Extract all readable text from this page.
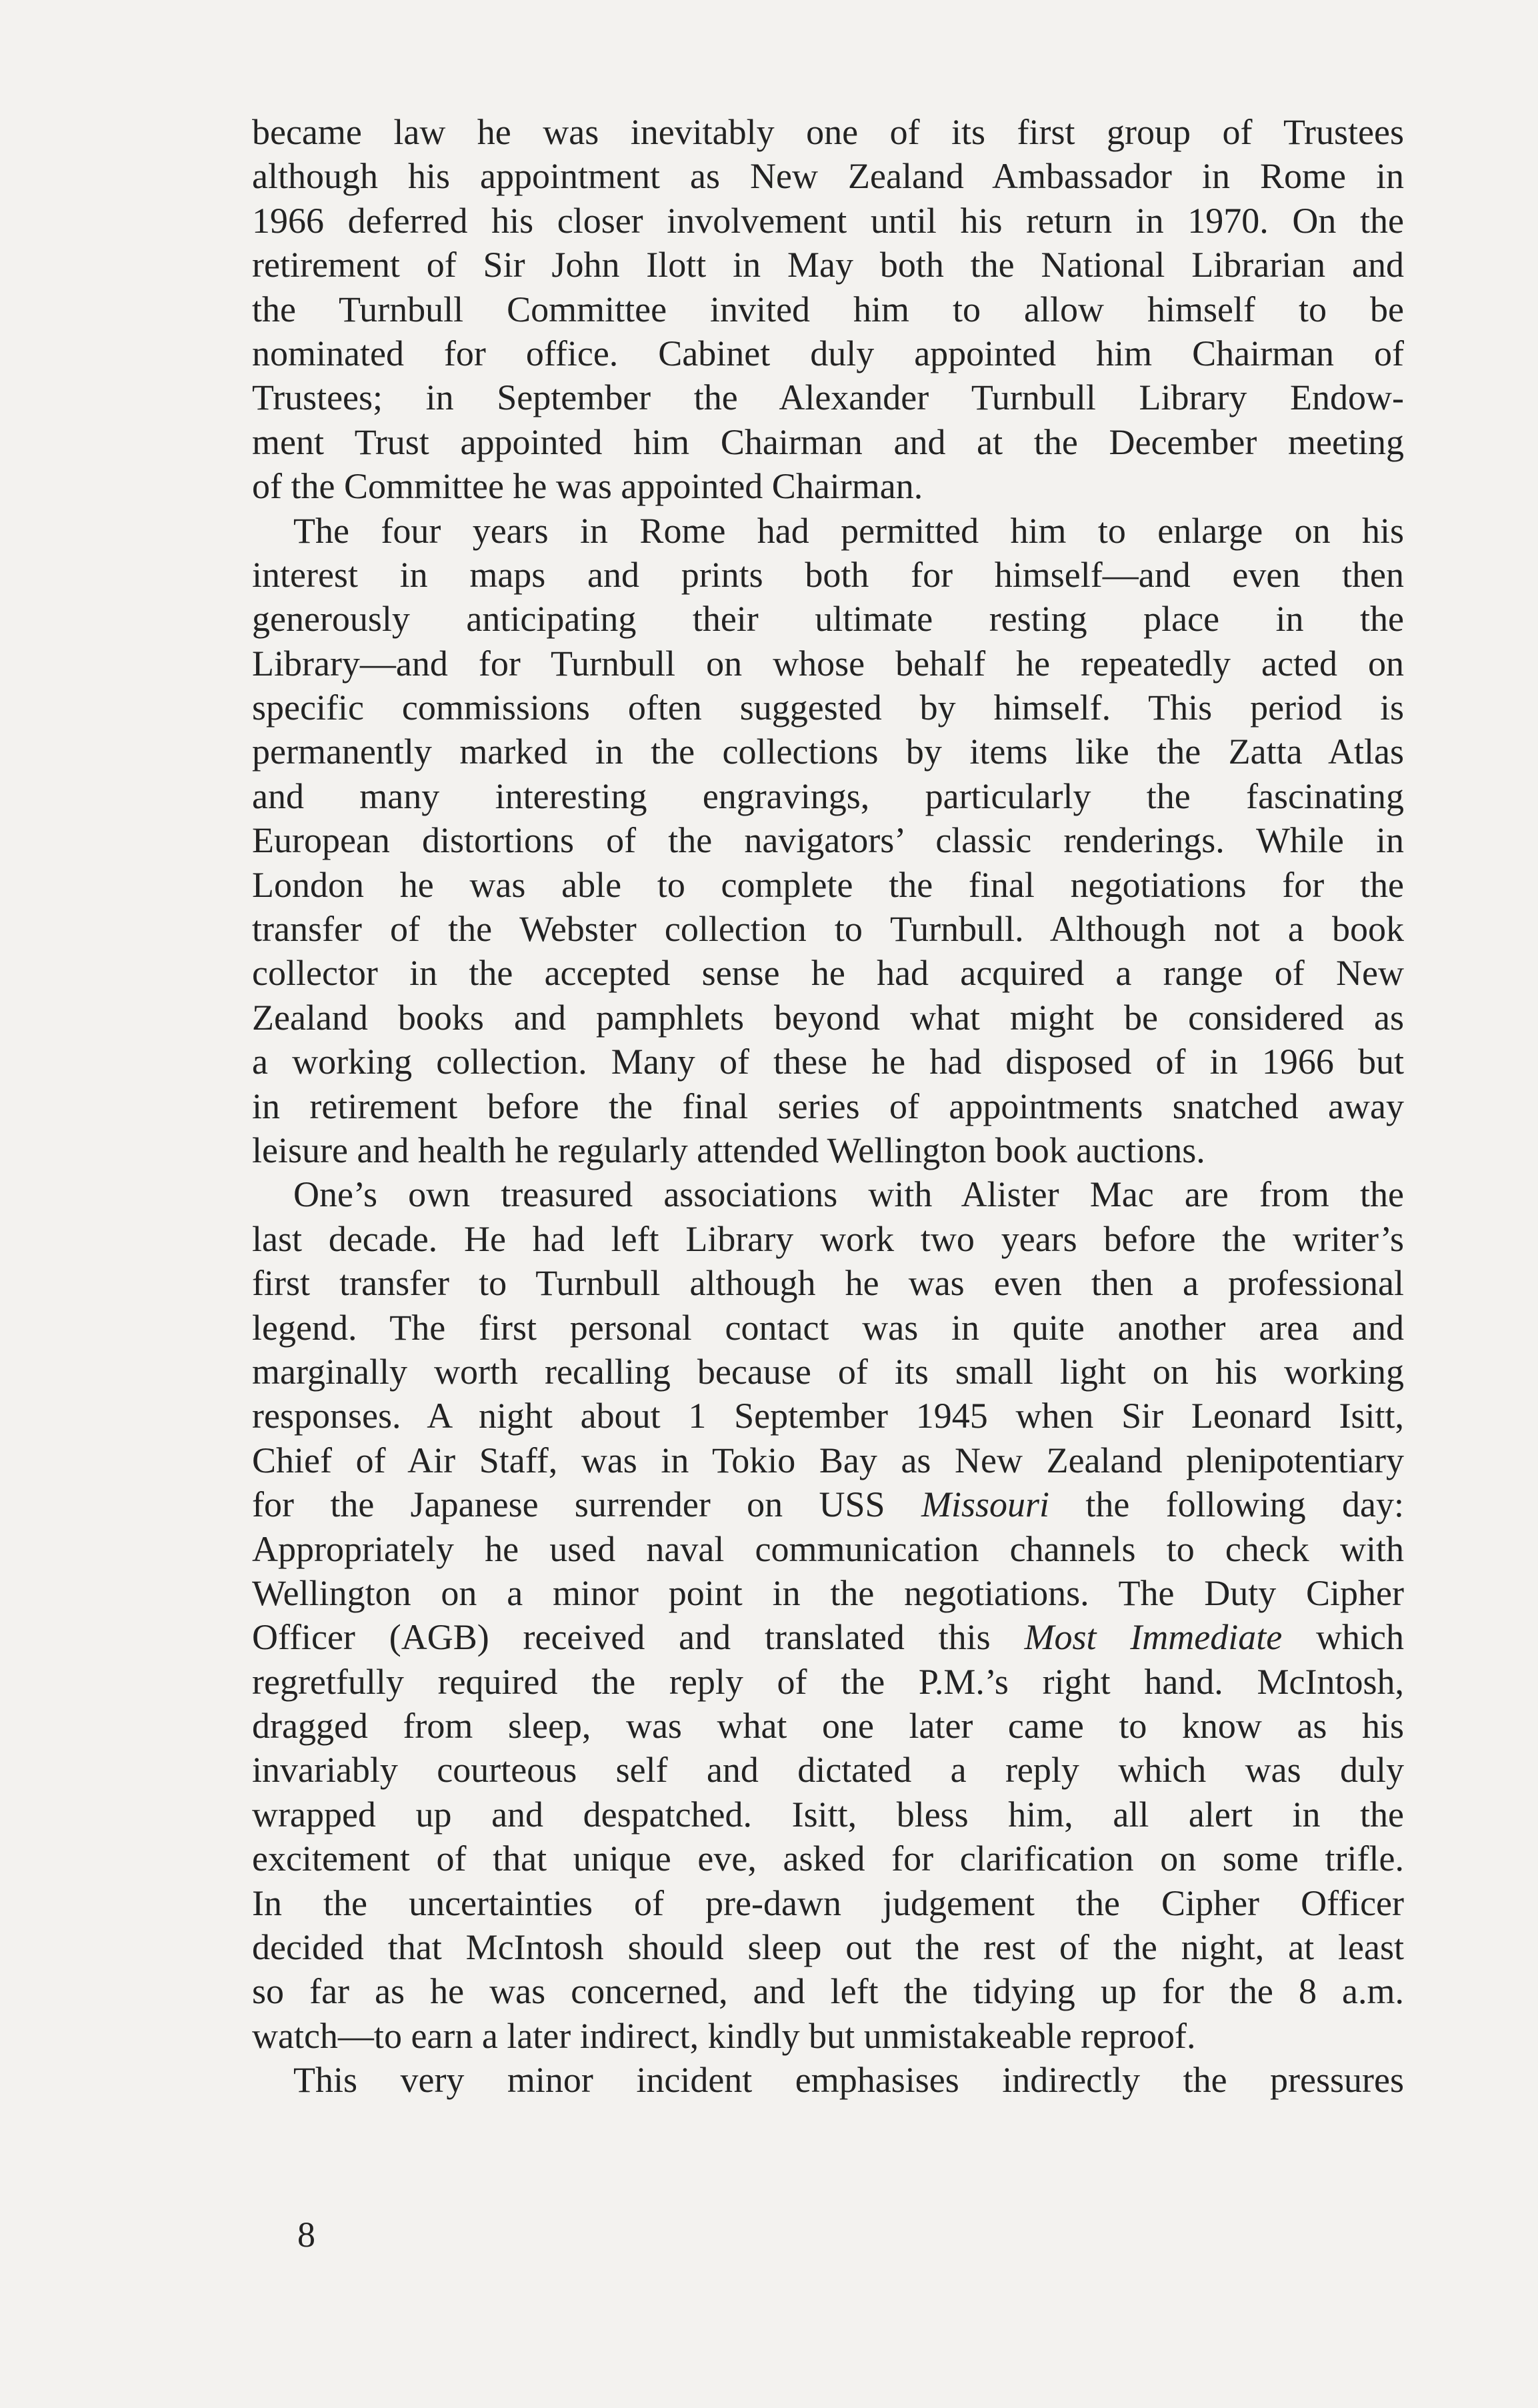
became law he was inevitably one of its first group of Trustees
although his appointment as New Zealand Ambassador in Rome in
1966 deferred his closer involvement until his return in 1970. On the
retirement of Sir John Ilott in May both the National Librarian and
the Turnbull Committee invited him to allow himself to be
nominated for office. Cabinet duly appointed him Chairman of
Trustees; in September the Alexander Turnbull Library Endow-
ment Trust appointed him Chairman and at the December meeting
of the Committee he was appointed Chairman.
The four years in Rome had permitted him to enlarge on his
interest in maps and prints both for himself—and even then
generously anticipating their ultimate resting place in the
Library—and for Turnbull on whose behalf he repeatedly acted on
specific commissions often suggested by himself. This period is
permanently marked in the collections by items like the Zatta Atlas
and many interesting engravings, particularly the fascinating
European distortions of the navigators’ classic renderings. While in
London he was able to complete the final negotiations for the
transfer of the Webster collection to Turnbull. Although not a book
collector in the accepted sense he had acquired a range of New
Zealand books and pamphlets beyond what might be considered as
a working collection. Many of these he had disposed of in 1966 but
in retirement before the final series of appointments snatched away
leisure and health he regularly attended Wellington book auctions.
One’s own treasured associations with Alister Mac are from the
last decade. He had left Library work two years before the writer’s
first transfer to Turnbull although he was even then a professional
legend. The first personal contact was in quite another area and
marginally worth recalling because of its small light on his working
responses. A night about 1 September 1945 when Sir Leonard Isitt,
Chief of Air Staff, was in Tokio Bay as New Zealand plenipotentiary
for the Japanese surrender on USS Missouri the following day:
Appropriately he used naval communication channels to check with
Wellington on a minor point in the negotiations. The Duty Cipher
Officer (AGB) received and translated this Most Immediate which
regretfully required the reply of the P.M.’s right hand. McIntosh,
dragged from sleep, was what one later came to know as his
invariably courteous self and dictated a reply which was duly
wrapped up and despatched. Isitt, bless him, all alert in the
excitement of that unique eve, asked for clarification on some trifle.
In the uncertainties of pre-dawn judgement the Cipher Officer
decided that McIntosh should sleep out the rest of the night, at least
so far as he was concerned, and left the tidying up for the 8 a.m.
watch—to earn a later indirect, kindly but unmistakeable reproof.
This very minor incident emphasises indirectly the pressures
8
